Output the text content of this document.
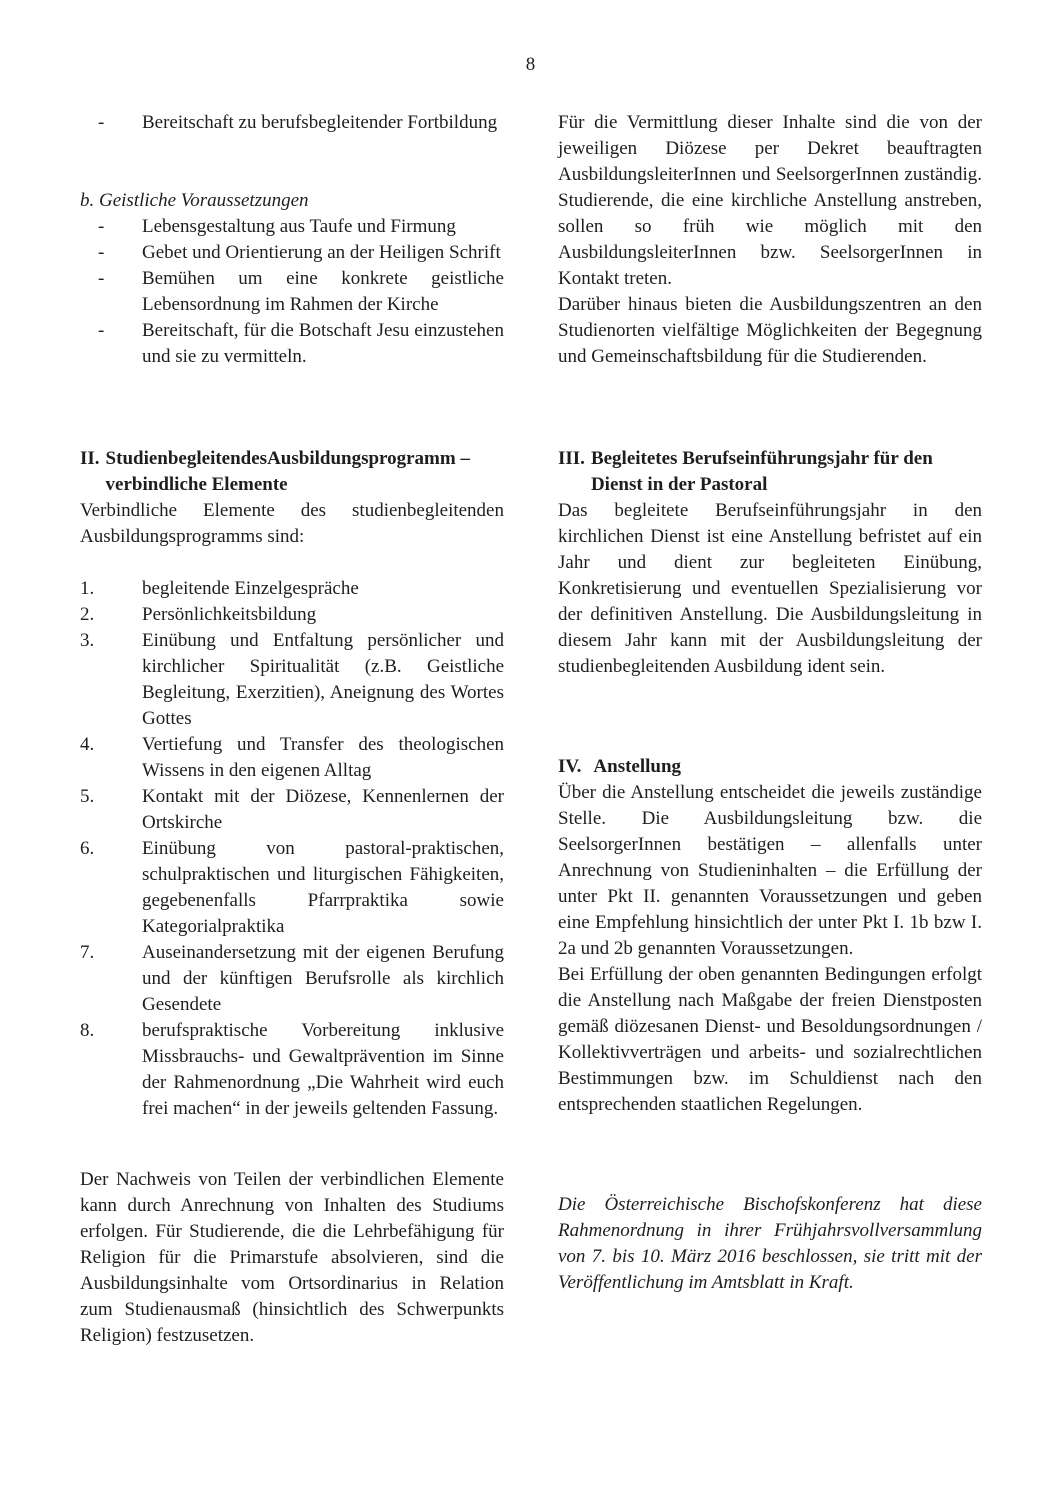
8
-	Bereitschaft zu berufsbegleitender Fortbildung

b. Geistliche Voraussetzungen

-	Lebensgestaltung aus Taufe und Firmung
-	Gebet und Orientierung an der Heiligen Schrift
-	Bemühen um eine konkrete geistliche Lebensordnung im Rahmen der Kirche
-	Bereitschaft, für die Botschaft Jesu einzustehen und sie zu vermitteln.
II. StudienbegleitendesAusbildungsprogramm – verbindliche Elemente

Verbindliche Elemente des studienbegleitenden Ausbildungsprogramms sind:

1.	begleitende Einzelgespräche
2.	Persönlichkeitsbildung
3.	Einübung und Entfaltung persönlicher und kirchlicher Spiritualität (z.B. Geistliche Begleitung, Exerzitien), Aneignung des Wortes Gottes
4.	Vertiefung und Transfer des theologischen Wissens in den eigenen Alltag
5.	Kontakt mit der Diözese, Kennenlernen der Ortskirche
6.	Einübung von pastoral-praktischen, schulpraktischen und liturgischen Fähigkeiten, gegebenenfalls Pfarrpraktika sowie Kategorialpraktika
7.	Auseinandersetzung mit der eigenen Berufung und der künftigen Berufsrolle als kirchlich Gesendete
8.	berufspraktische Vorbereitung inklusive Missbrauchs- und Gewaltprävention im Sinne der Rahmenordnung „Die Wahrheit wird euch frei machen“ in der jeweils geltenden Fassung.

Der Nachweis von Teilen der verbindlichen Elemente kann durch Anrechnung von Inhalten des Studiums erfolgen. Für Studierende, die die Lehrbefähigung für Religion für die Primarstufe absolvieren, sind die Ausbildungsinhalte vom Ortsordinarius in Relation zum Studienausmaß (hinsichtlich des Schwerpunkts Religion) festzusetzen.

Für die Vermittlung dieser Inhalte sind die von der jeweiligen Diözese per Dekret beauftragten AusbildungsleiterInnen und SeelsorgerInnen zuständig. Studierende, die eine kirchliche Anstellung anstreben, sollen so früh wie möglich mit den AusbildungsleiterInnen bzw. SeelsorgerInnen in Kontakt treten.

Darüber hinaus bieten die Ausbildungszentren an den Studienorten vielfältige Möglichkeiten der Begegnung und Gemeinschaftsbildung für die Studierenden.

III. Begleitetes Berufseinführungsjahr für den Dienst in der Pastoral

Das begleitete Berufseinführungsjahr in den kirchlichen Dienst ist eine Anstellung befristet auf ein Jahr und dient zur begleiteten Einübung, Konkretisierung und eventuellen Spezialisierung vor der definitiven Anstellung. Die Ausbildungsleitung in diesem Jahr kann mit der Ausbildungsleitung der studienbegleitenden Ausbildung ident sein.

IV. Anstellung

Über die Anstellung entscheidet die jeweils zuständige Stelle. Die Ausbildungsleitung bzw. die SeelsorgerInnen bestätigen – allenfalls unter Anrechnung von Studieninhalten – die Erfüllung der unter Pkt II. genannten Voraussetzungen und geben eine Empfehlung hinsichtlich der unter Pkt I. 1b bzw I. 2a und 2b genannten Voraussetzungen.

Bei Erfüllung der oben genannten Bedingungen erfolgt die Anstellung nach Maßgabe der freien Dienstposten gemäß diözesanen Dienst- und Besoldungsordnungen / Kollektivverträgen und arbeits- und sozialrechtlichen Bestimmungen bzw. im Schuldienst nach den entsprechenden staatlichen Regelungen.

Die Österreichische Bischofskonferenz hat diese Rahmenordnung in ihrer Frühjahrsvollversammlung von 7. bis 10. März 2016 beschlossen, sie tritt mit der Veröffentlichung im Amtsblatt in Kraft.
